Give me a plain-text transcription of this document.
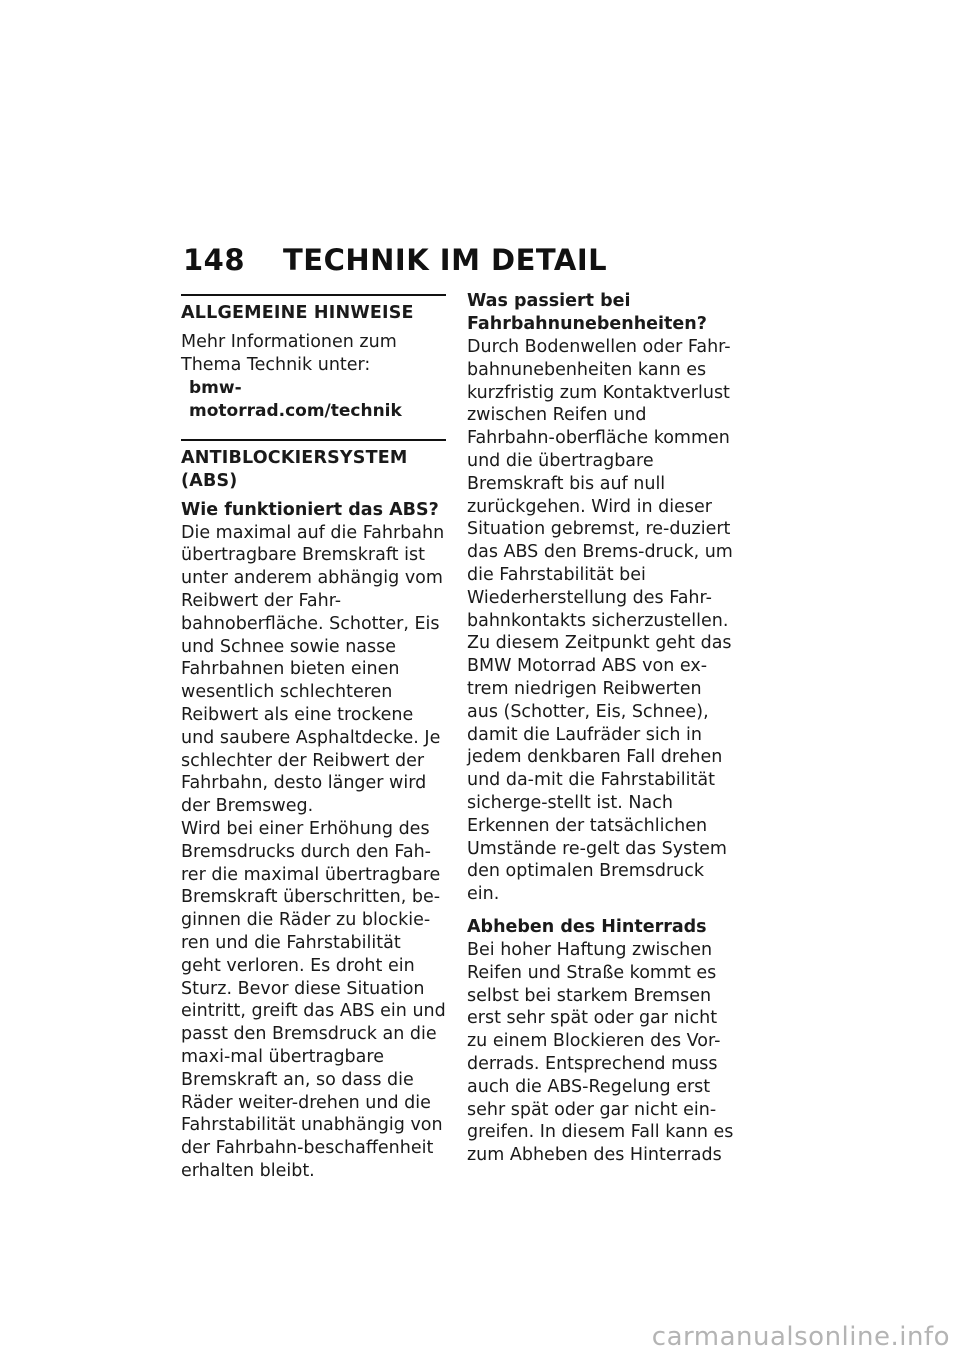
148 TECHNIK IM DETAIL
ALLGEMEINE HINWEISE

Mehr Informationen zum Thema Technik unter:

bmw-motorrad.com/technik
ANTIBLOCKIERSYSTEM (ABS)
Wie funktioniert das ABS?

Die maximal auf die Fahrbahn übertragbare Bremskraft ist unter anderem abhängig vom Reibwert der Fahr-bahnoberfläche. Schotter, Eis und Schnee sowie nasse Fahrbahnen bieten einen wesentlich schlechteren Reibwert als eine trockene und saubere Asphaltdecke. Je schlechter der Reibwert der Fahrbahn, desto länger wird der Bremsweg.

Wird bei einer Erhöhung des Bremsdrucks durch den Fah-rer die maximal übertragbare Bremskraft überschritten, be-ginnen die Räder zu blockie-ren und die Fahrstabilität geht verloren. Es droht ein Sturz. Bevor diese Situation eintritt, greift das ABS ein und passt den Bremsdruck an die maxi-mal übertragbare Bremskraft an, so dass die Räder weiter-drehen und die Fahrstabilität unabhängig von der Fahrbahn-beschaffenheit erhalten bleibt.

Was passiert bei Fahrbahnunebenheiten?

Durch Bodenwellen oder Fahr-bahnunebenheiten kann es kurzfristig zum Kontaktverlust zwischen Reifen und Fahrbahn-oberfläche kommen und die übertragbare Bremskraft bis auf null zurückgehen. Wird in dieser Situation gebremst, re-duziert das ABS den Brems-druck, um die Fahrstabilität bei Wiederherstellung des Fahr-bahnkontakts sicherzustellen. Zu diesem Zeitpunkt geht das BMW Motorrad ABS von ex-trem niedrigen Reibwerten aus (Schotter, Eis, Schnee), damit die Laufräder sich in jedem denkbaren Fall drehen und da-mit die Fahrstabilität sicherge-stellt ist. Nach Erkennen der tatsächlichen Umstände re-gelt das System den optimalen Bremsdruck ein.

Abheben des Hinterrads

Bei hoher Haftung zwischen Reifen und Straße kommt es selbst bei starkem Bremsen erst sehr spät oder gar nicht zu einem Blockieren des Vor-derrads. Entsprechend muss auch die ABS-Regelung erst sehr spät oder gar nicht ein-greifen. In diesem Fall kann es zum Abheben des Hinterrads

carmanualsonline.info
